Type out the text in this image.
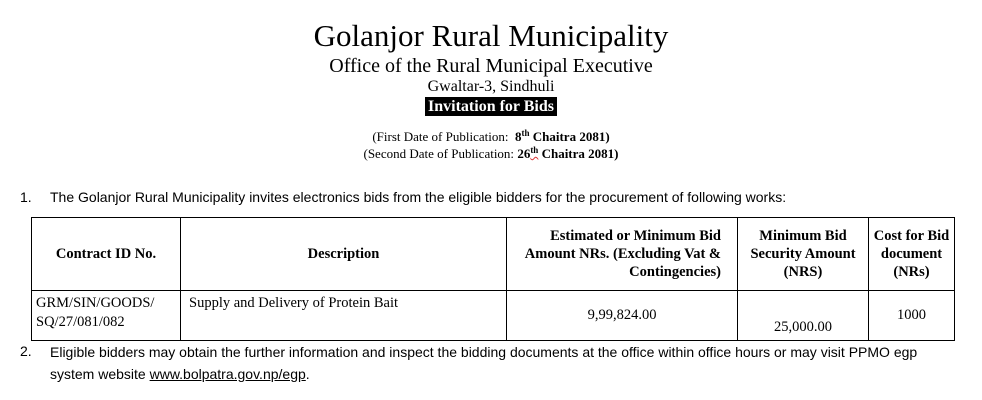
Golanjor Rural Municipality
Office of the Rural Municipal Executive
Gwaltar-3, Sindhuli
Invitation for Bids
(First Date of Publication: 8th Chaitra 2081)
(Second Date of Publication: 26th Chaitra 2081)
1. The Golanjor Rural Municipality invites electronics bids from the eligible bidders for the procurement of following works:
Contract ID No.	Description	Estimated or Minimum Bid Amount NRs. (Excluding Vat & Contingencies)	Minimum Bid Security Amount (NRS)	Cost for Bid document (NRs)
GRM/SIN/GOODS/ SQ/27/081/082	Supply and Delivery of Protein Bait	9,99,824.00	25,000.00	1000
2. Eligible bidders may obtain the further information and inspect the bidding documents at the office within office hours or may visit PPMO egp system website www.bolpatra.gov.np/egp.
